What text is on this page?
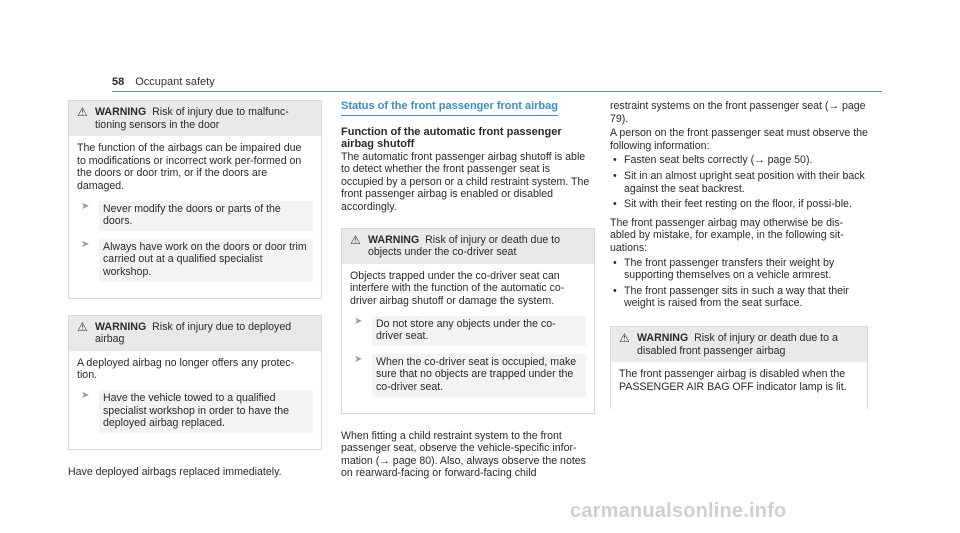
58 Occupant safety
⚠ WARNING Risk of injury due to malfunc-tioning sensors in the door

The function of the airbags can be impaired due to modifications or incorrect work per-formed on the doors or door trim, or if the doors are damaged.

➤	Never modify the doors or parts of the doors.
➤	Always have work on the doors or door trim carried out at a qualified specialist workshop.
⚠ WARNING Risk of injury due to deployed airbag

A deployed airbag no longer offers any protec-tion.

➤	Have the vehicle towed to a qualified specialist workshop in order to have the deployed airbag replaced.

Have deployed airbags replaced immediately.

Status of the front passenger front airbag

Function of the automatic front passenger airbag shutoff

The automatic front passenger airbag shutoff is able to detect whether the front passenger seat is occupied by a person or a child restraint system. The front passenger airbag is enabled or disabled accordingly.

⚠ WARNING Risk of injury or death due to objects under the co-driver seat

Objects trapped under the co-driver seat can interfere with the function of the automatic co-driver airbag shutoff or damage the system.

➤	Do not store any objects under the co-driver seat.
➤	When the co-driver seat is occupied, make sure that no objects are trapped under the co-driver seat.

When fitting a child restraint system to the front passenger seat, observe the vehicle-specific infor-mation (→ page 80). Also, always observe the notes on rearward-facing or forward-facing child

restraint systems on the front passenger seat (→ page 79).

A person on the front passenger seat must observe the following information:

• Fasten seat belts correctly (→ page 50).
• Sit in an almost upright seat position with their back against the seat backrest.
• Sit with their feet resting on the floor, if possi-ble.

The front passenger airbag may otherwise be dis-abled by mistake, for example, in the following sit-uations:

• The front passenger transfers their weight by supporting themselves on a vehicle armrest.
• The front passenger sits in such a way that their weight is raised from the seat surface.
⚠ WARNING Risk of injury or death due to a disabled front passenger airbag

The front passenger airbag is disabled when the PASSENGER AIR BAG OFF indicator lamp is lit.

carmanualsonline.info
